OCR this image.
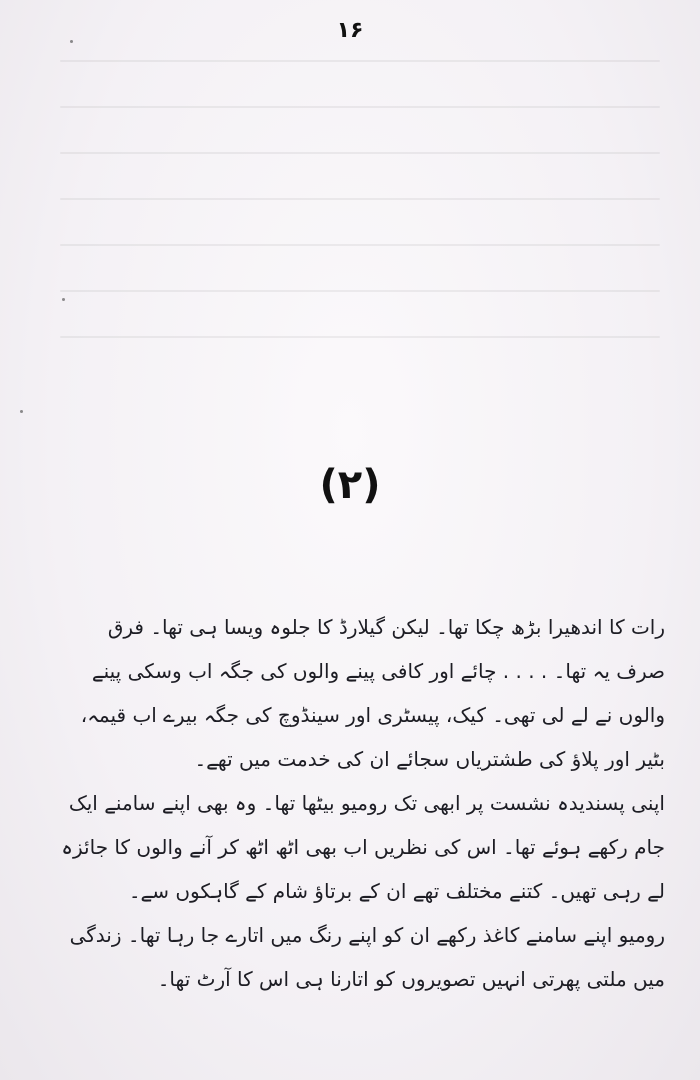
۱۶
(۲)

رات کا اندھیرا بڑھ چکا تھا۔ لیکن گیلارڈ کا جلوہ ویسا ہی تھا۔ فرق صرف یہ تھا۔ . . . . چائے اور کافی پینے والوں کی جگہ اب وسکی پینے والوں نے لے لی تھی۔ کیک، پیسٹری اور سینڈوچ کی جگہ بیرے اب قیمہ، بٹیر اور پلاؤ کی طشتریاں سجائے ان کی خدمت میں تھے۔

اپنی پسندیدہ نشست پر ابھی تک رومیو بیٹھا تھا۔ وہ بھی اپنے سامنے ایک جام رکھے ہوئے تھا۔ اس کی نظریں اب بھی اٹھ اٹھ کر آنے والوں کا جائزہ لے رہی تھیں۔ کتنے مختلف تھے ان کے برتاؤ شام کے گاہکوں سے۔

رومیو اپنے سامنے کاغذ رکھے ان کو اپنے رنگ میں اتارے جا رہا تھا۔ زندگی میں ملتی پھرتی انہیں تصویروں کو اتارنا ہی اس کا آرٹ تھا۔
